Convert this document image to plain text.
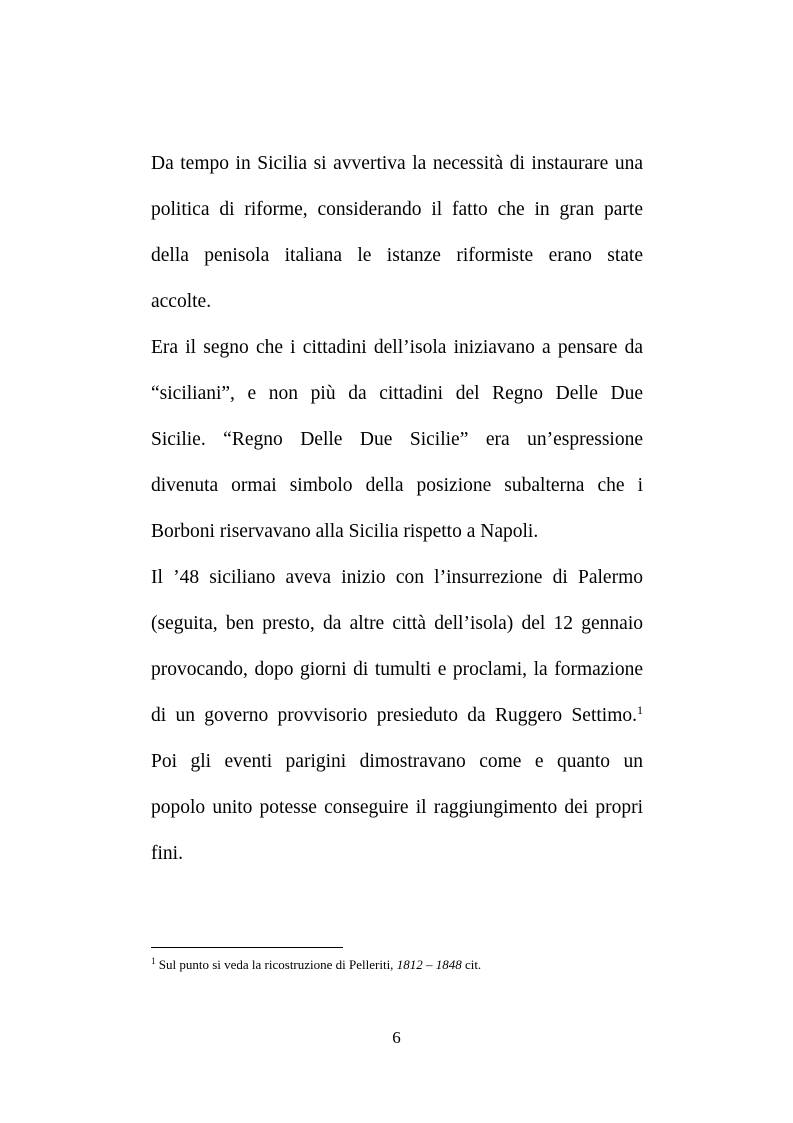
Da tempo in Sicilia si avvertiva la necessità di instaurare una
politica di riforme, considerando il fatto che in gran parte
della penisola italiana le istanze riformiste erano state
accolte.
Era il segno che i cittadini dell’isola iniziavano a pensare da
“siciliani”, e non più da cittadini del Regno Delle Due
Sicilie. “Regno Delle Due Sicilie” era un’espressione
divenuta ormai simbolo della posizione subalterna che i
Borboni riservavano alla Sicilia rispetto a Napoli.
Il ’48 siciliano aveva inizio con l’insurrezione di Palermo
(seguita, ben presto, da altre città dell’isola) del 12 gennaio
provocando, dopo giorni di tumulti e proclami, la formazione
di un governo provvisorio presieduto da Ruggero Settimo.$^1$
Poi gli eventi parigini dimostravano come e quanto un
popolo unito potesse conseguire il raggiungimento dei propri
fini.
$^1$ Sul punto si veda la ricostruzione di Pelleriti, 1812 – 1848 cit.
6
